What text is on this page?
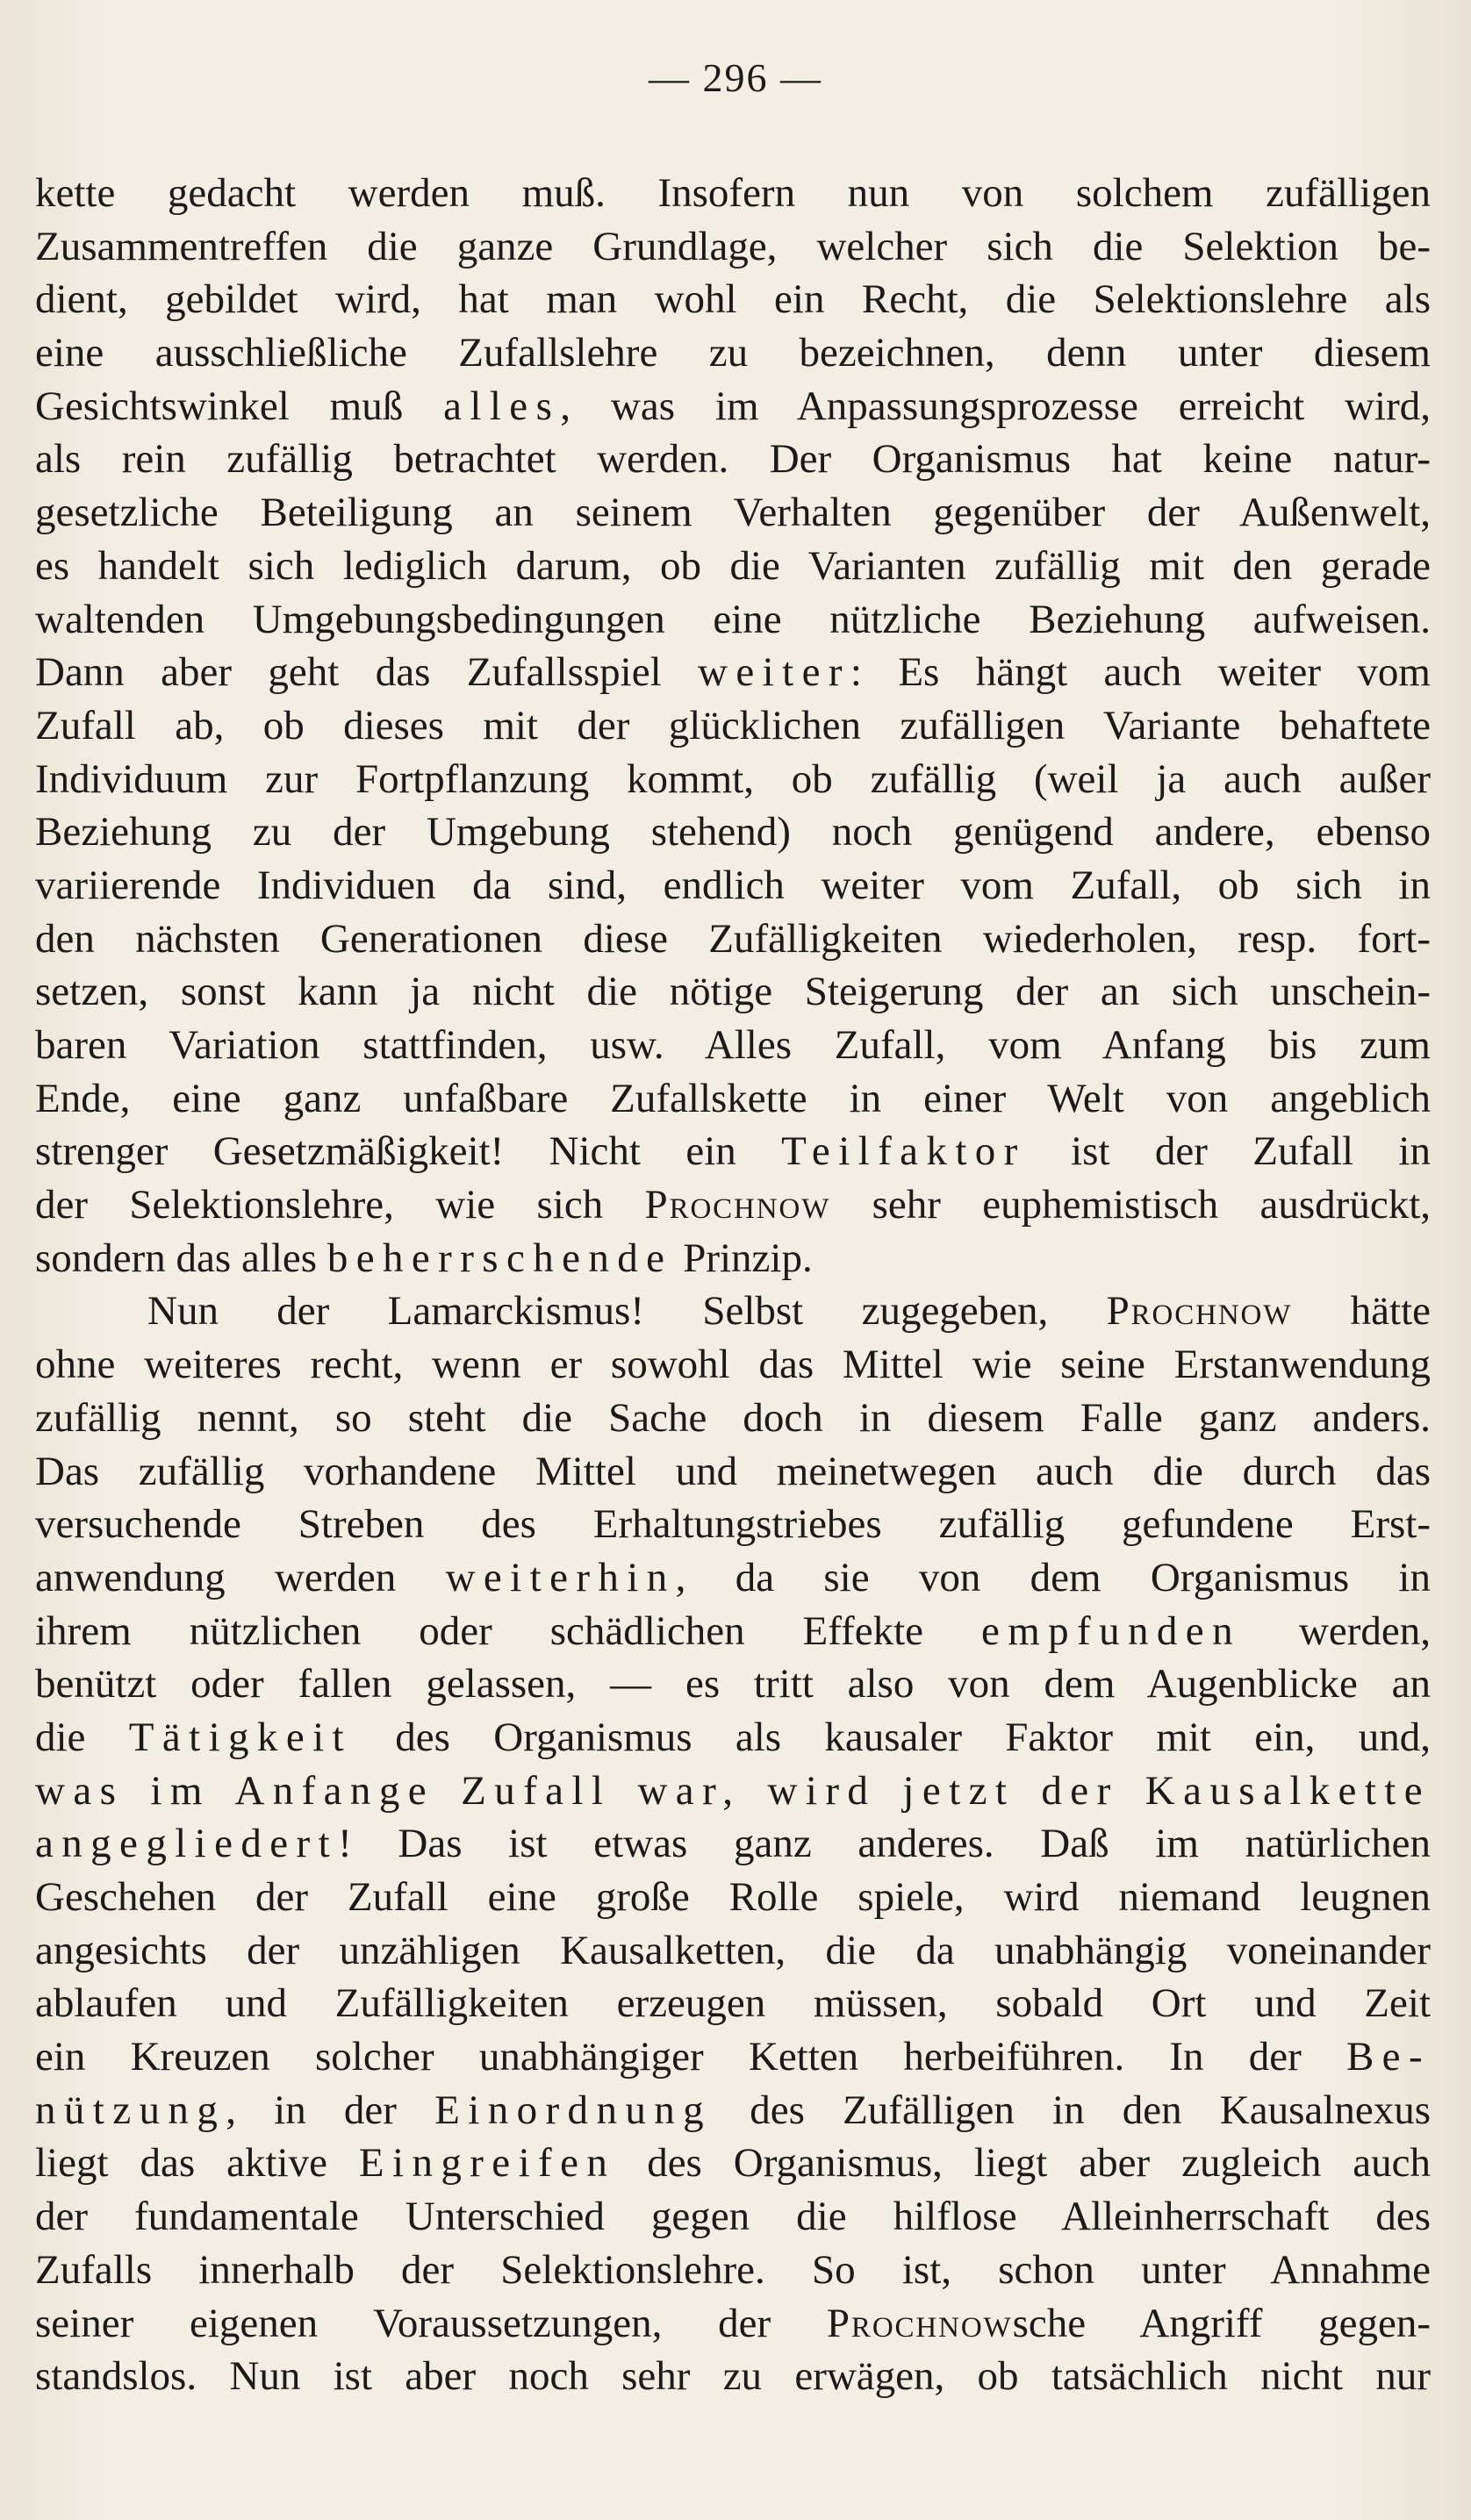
— 296 —
kette gedacht werden muß. Insofern nun von solchem zufälligen
Zusammentreffen die ganze Grundlage, welcher sich die Selektion be-
dient, gebildet wird, hat man wohl ein Recht, die Selektionslehre als
eine ausschließliche Zufallslehre zu bezeichnen, denn unter diesem
Gesichtswinkel muß alles, was im Anpassungsprozesse erreicht wird,
als rein zufällig betrachtet werden. Der Organismus hat keine natur-
gesetzliche Beteiligung an seinem Verhalten gegenüber der Außenwelt,
es handelt sich lediglich darum, ob die Varianten zufällig mit den gerade
waltenden Umgebungsbedingungen eine nützliche Beziehung aufweisen.
Dann aber geht das Zufallsspiel weiter: Es hängt auch weiter vom
Zufall ab, ob dieses mit der glücklichen zufälligen Variante behaftete
Individuum zur Fortpflanzung kommt, ob zufällig (weil ja auch außer
Beziehung zu der Umgebung stehend) noch genügend andere, ebenso
variierende Individuen da sind, endlich weiter vom Zufall, ob sich in
den nächsten Generationen diese Zufälligkeiten wiederholen, resp. fort-
setzen, sonst kann ja nicht die nötige Steigerung der an sich unschein-
baren Variation stattfinden, usw. Alles Zufall, vom Anfang bis zum
Ende, eine ganz unfaßbare Zufallskette in einer Welt von angeblich
strenger Gesetzmäßigkeit! Nicht ein Teilfaktor ist der Zufall in
der Selektionslehre, wie sich Prochnow sehr euphemistisch ausdrückt,
sondern das alles beherrschende Prinzip.
Nun der Lamarckismus! Selbst zugegeben, Prochnow hätte
ohne weiteres recht, wenn er sowohl das Mittel wie seine Erstanwendung
zufällig nennt, so steht die Sache doch in diesem Falle ganz anders.
Das zufällig vorhandene Mittel und meinetwegen auch die durch das
versuchende Streben des Erhaltungstriebes zufällig gefundene Erst-
anwendung werden weiterhin, da sie von dem Organismus in
ihrem nützlichen oder schädlichen Effekte empfunden werden,
benützt oder fallen gelassen, — es tritt also von dem Augenblicke an
die Tätigkeit des Organismus als kausaler Faktor mit ein, und,
was im Anfange Zufall war, wird jetzt der Kausalkette
angegliedert! Das ist etwas ganz anderes. Daß im natürlichen
Geschehen der Zufall eine große Rolle spiele, wird niemand leugnen
angesichts der unzähligen Kausalketten, die da unabhängig voneinander
ablaufen und Zufälligkeiten erzeugen müssen, sobald Ort und Zeit
ein Kreuzen solcher unabhängiger Ketten herbeiführen. In der Be-
nützung, in der Einordnung des Zufälligen in den Kausalnexus
liegt das aktive Eingreifen des Organismus, liegt aber zugleich auch
der fundamentale Unterschied gegen die hilflose Alleinherrschaft des
Zufalls innerhalb der Selektionslehre. So ist, schon unter Annahme
seiner eigenen Voraussetzungen, der Prochnowsche Angriff gegen-
standslos. Nun ist aber noch sehr zu erwägen, ob tatsächlich nicht nur
